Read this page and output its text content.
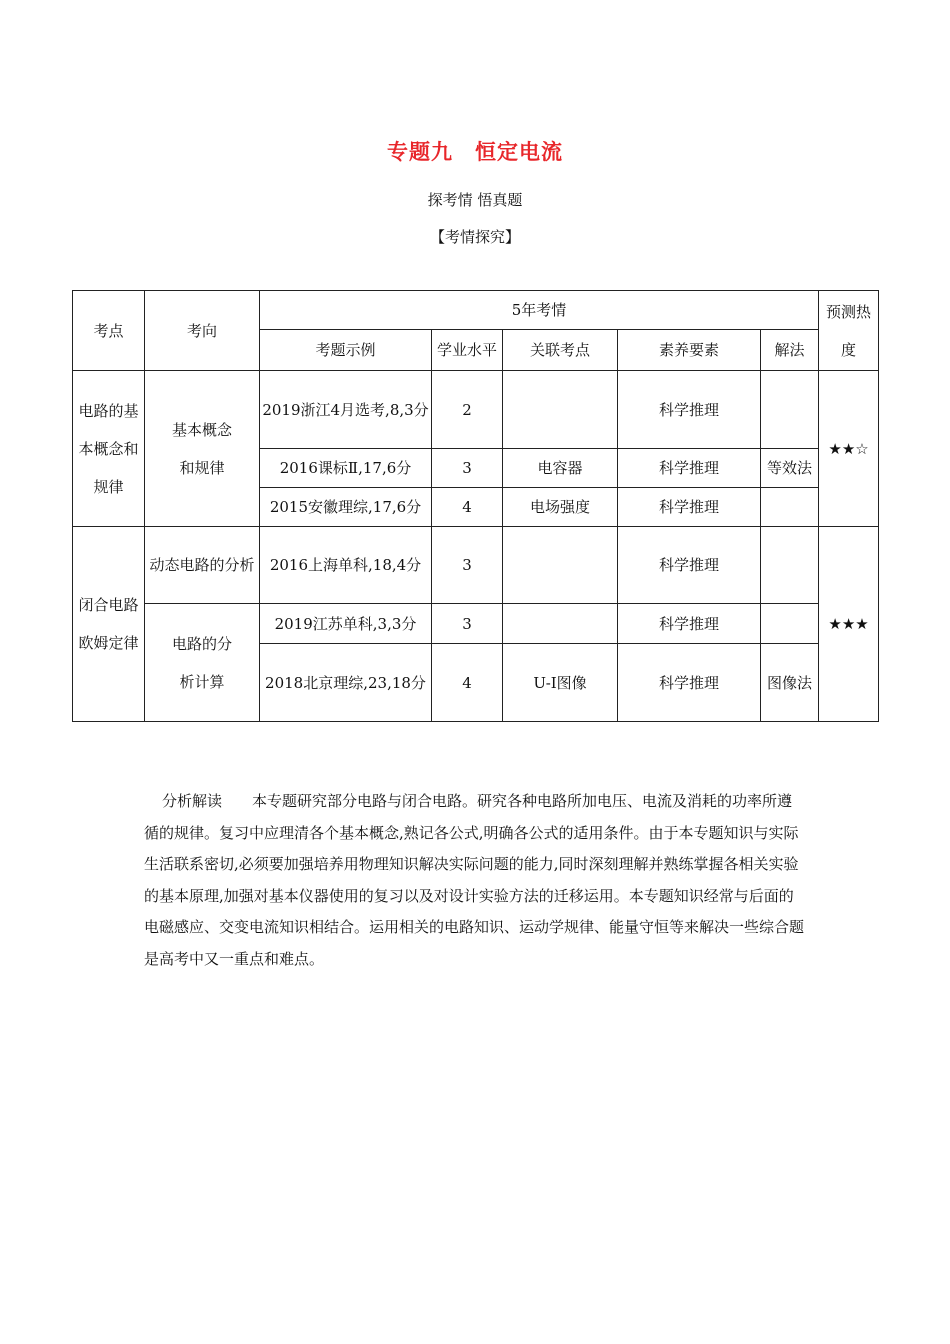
专题九 恒定电流
探考情 悟真题
【考情探究】
考点	考向	5年考情					预测热度
		考题示例	学业水平	关联考点	素养要素	解法	
电路的基本概念和规律	基本概念和规律	2019浙江4月选考,8,3分	2		科学推理		★★☆
		2016课标Ⅱ,17,6分	3	电容器	科学推理	等效法	
		2015安徽理综,17,6分	4	电场强度	科学推理		
闭合电路欧姆定律	动态电路的分析	2016上海单科,18,4分	3		科学推理		★★★
	电路的分析计算	2019江苏单科,3,3分	3		科学推理		
		2018北京理综,23,18分	4	U-I图像	科学推理	图像法	
分析解读 本专题研究部分电路与闭合电路。研究各种电路所加电压、电流及消耗的功率所遵循的规律。复习中应理清各个基本概念,熟记各公式,明确各公式的适用条件。由于本专题知识与实际生活联系密切,必须要加强培养用物理知识解决实际问题的能力,同时深刻理解并熟练掌握各相关实验的基本原理,加强对基本仪器使用的复习以及对设计实验方法的迁移运用。本专题知识经常与后面的电磁感应、交变电流知识相结合。运用相关的电路知识、运动学规律、能量守恒等来解决一些综合题是高考中又一重点和难点。
